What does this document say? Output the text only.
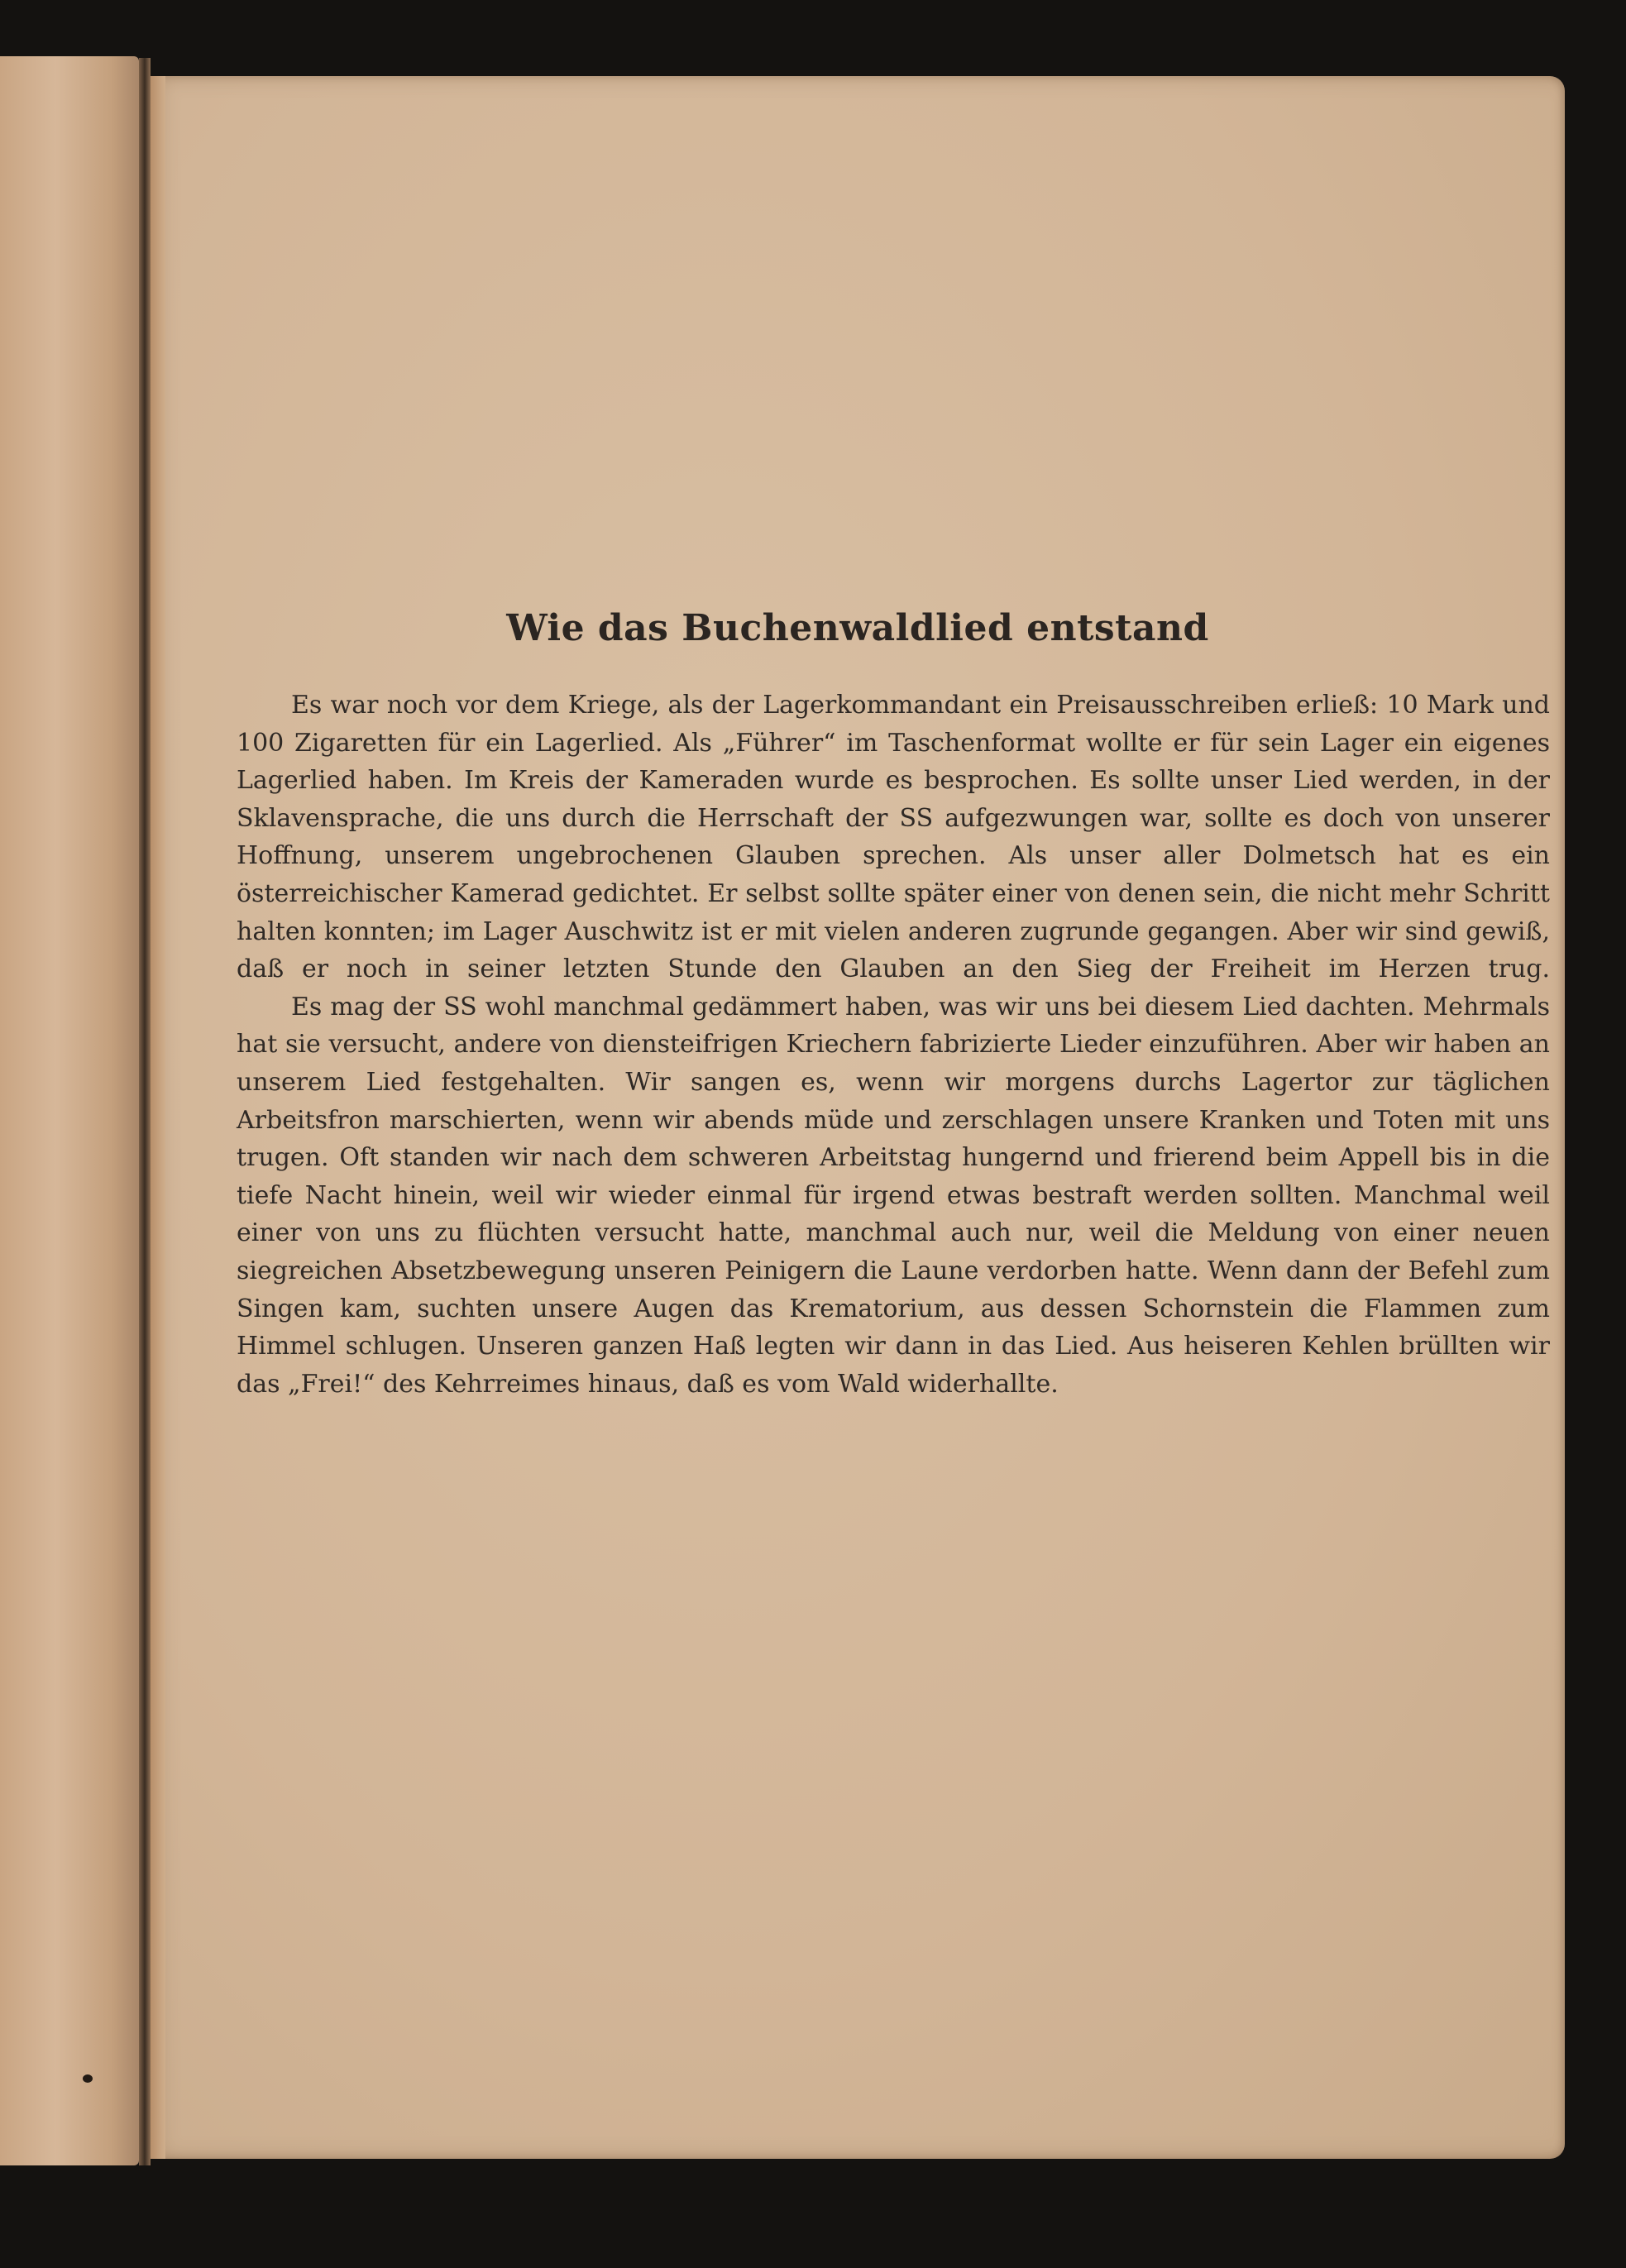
Wie das Buchenwaldlied entstand

Es war noch vor dem Kriege, als der Lagerkommandant ein Preisausschreiben erließ: 10 Mark und 100 Zigaretten für ein Lagerlied. Als „Führer“ im Taschenformat wollte er für sein Lager ein eigenes Lagerlied haben. Im Kreis der Kameraden wurde es besprochen. Es sollte unser Lied werden, in der Sklavensprache, die uns durch die Herrschaft der SS aufgezwungen war, sollte es doch von unserer Hoffnung, unserem ungebrochenen Glauben sprechen. Als unser aller Dolmetsch hat es ein österreichischer Kamerad gedichtet. Er selbst sollte später einer von denen sein, die nicht mehr Schritt halten konnten; im Lager Auschwitz ist er mit vielen anderen zugrunde gegangen. Aber wir sind gewiß, daß er noch in seiner letzten Stunde den Glauben an den Sieg der Freiheit im Herzen trug.

Es mag der SS wohl manchmal gedämmert haben, was wir uns bei diesem Lied dachten. Mehrmals hat sie versucht, andere von diensteifrigen Kriechern fabrizierte Lieder einzuführen. Aber wir haben an unserem Lied festgehalten. Wir sangen es, wenn wir morgens durchs Lagertor zur täglichen Arbeitsfron marschierten, wenn wir abends müde und zerschlagen unsere Kranken und Toten mit uns trugen. Oft standen wir nach dem schweren Arbeitstag hungernd und frierend beim Appell bis in die tiefe Nacht hinein, weil wir wieder einmal für irgend etwas bestraft werden sollten. Manchmal weil einer von uns zu flüchten versucht hatte, manchmal auch nur, weil die Meldung von einer neuen siegreichen Absetzbewegung unseren Peinigern die Laune verdorben hatte. Wenn dann der Befehl zum Singen kam, suchten unsere Augen das Krematorium, aus dessen Schornstein die Flammen zum Himmel schlugen. Unseren ganzen Haß legten wir dann in das Lied. Aus heiseren Kehlen brüllten wir das „Frei!“ des Kehrreimes hinaus, daß es vom Wald widerhallte.
